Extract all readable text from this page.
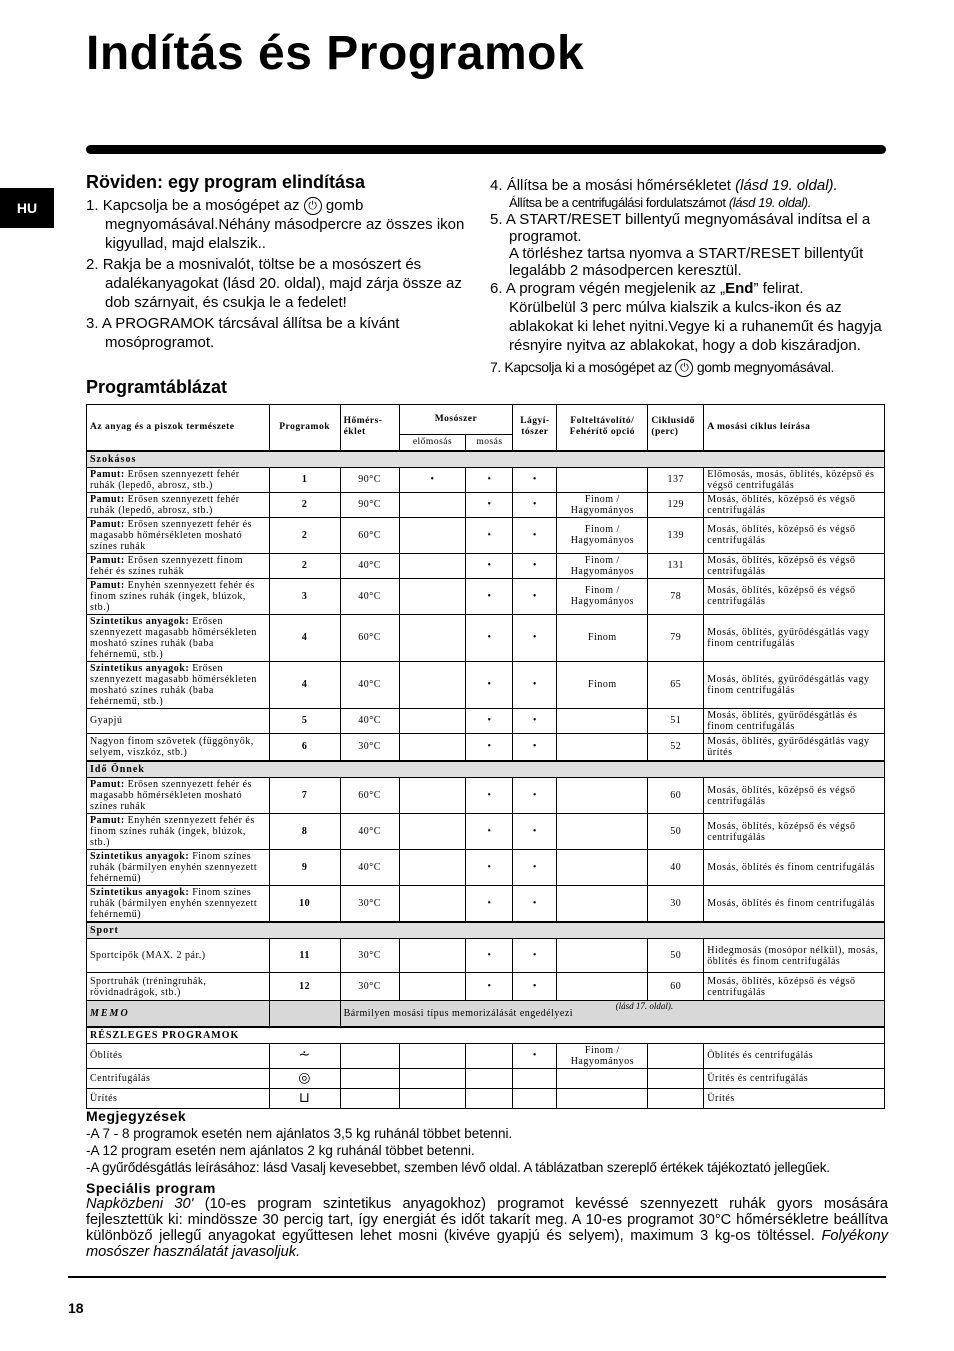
Indítás és Programok
HU
Röviden: egy program elindítása

1. Kapcsolja be a mosógépet az ⏻ gomb megnyomásával.Néhány másodpercre az összes ikon kigyullad, majd elalszik..

2. Rakja be a mosnivalót, töltse be a mosószert és adalékanyagokat (lásd 20. oldal), majd zárja össze az dob szárnyait, és csukja le a fedelet!

3. A PROGRAMOK tárcsával állítsa be a kívánt mosóprogramot.

4. Állítsa be a mosási hőmérsékletet (lásd 19. oldal).

Állítsa be a centrifugálási fordulatszámot (lásd 19. oldal).

5. A START/RESET billentyű megnyomásával indítsa el a programot.

A törléshez tartsa nyomva a START/RESET billentyűt legalább 2 másodpercen keresztül.

6. A program végén megjelenik az „End” felirat.

Körülbelül 3 perc múlva kialszik a kulcs-ikon és az ablakokat ki lehet nyitni.Vegye ki a ruhaneműt és hagyja résnyire nyitva az ablakokat, hogy a dob kiszáradjon.

7. Kapcsolja ki a mosógépet az ⏻ gomb megnyomásával.

Programtáblázat
Az anyag és a piszok természete	Programok	Hőmérs-éklet	Mosószer		Lágyí-tószer	Folteltávolító/ Fehérítő opció	Ciklusidő (perc)	A mosási ciklus leírása
			előmosás	mosás				
Szokásos								
Pamut: Erősen szennyezett fehér ruhák (lepedő, abrosz, stb.)	1	90°C	•	•	•		137	Előmosás, mosás, öblítés, középső és végső centrifugálás
Pamut: Erősen szennyezett fehér ruhák (lepedő, abrosz, stb.)	2	90°C		•	•	Finom / Hagyományos	129	Mosás, öblítés, középső és végső centrifugálás
Pamut: Erősen szennyezett fehér és magasabb hőmérsékleten mosható színes ruhák	2	60°C		•	•	Finom / Hagyományos	139	Mosás, öblítés, középső és végső centrifugálás
Pamut: Erősen szennyezett finom fehér és színes ruhák	2	40°C		•	•	Finom / Hagyományos	131	Mosás, öblítés, középső és végső centrifugálás
Pamut: Enyhén szennyezett fehér és finom színes ruhák (ingek, blúzok, stb.)	3	40°C		•	•	Finom / Hagyományos	78	Mosás, öblítés, középső és végső centrifugálás
Szintetikus anyagok: Erősen szennyezett magasabb hőmérsékleten mosható színes ruhák (baba fehérnemű, stb.)	4	60°C		•	•	Finom	79	Mosás, öblítés, gyűrődésgátlás vagy finom centrifugálás
Szintetikus anyagok: Erősen szennyezett magasabb hőmérsékleten mosható színes ruhák (baba fehérnemű, stb.)	4	40°C		•	•	Finom	65	Mosás, öblítés, gyűrődésgátlás vagy finom centrifugálás
Gyapjú	5	40°C		•	•		51	Mosás, öblítés, gyűrődésgátlás és finom centrifugálás
Nagyon finom szövetek (függönyök, selyem, viszkóz, stb.)	6	30°C		•	•		52	Mosás, öblítés, gyűrődésgátlás vagy ürítés
Idő Önnek								
Pamut: Erősen szennyezett fehér és magasabb hőmérsékleten mosható színes ruhák	7	60°C		•	•		60	Mosás, öblítés, középső és végső centrifugálás
Pamut: Enyhén szennyezett fehér és finom színes ruhák (ingek, blúzok, stb.)	8	40°C		•	•		50	Mosás, öblítés, középső és végső centrifugálás
Szintetikus anyagok: Finom színes ruhák (bármilyen enyhén szennyezett fehérnemű)	9	40°C		•	•		40	Mosás, öblítés és finom centrifugálás
Szintetikus anyagok: Finom színes ruhák (bármilyen enyhén szennyezett fehérnemű)	10	30°C		•	•		30	Mosás, öblítés és finom centrifugálás
Sport								
Sportcipők (MAX. 2 pár.)	11	30°C		•	•		50	Hidegmosás (mosópor nélkül), mosás, öblítés és finom centrifugálás
Sportruhák (tréningruhák, rövidnadrágok, stb.)	12	30°C		•	•		60	Mosás, öblítés, középső és végső centrifugálás
MEMO		Bármilyen mosási típus memorizálását engedélyezi
(lásd 17. oldal).						

RÉSZLEGES PROGRAMOK								
Öblítés	⩪				•	Finom / Hagyományos		Öblítés és centrifugálás
Centrifugálás	◎							Ürítés és centrifugálás
Ürítés	⊔							Ürítés
Megjegyzések

-A 7 - 8 programok esetén nem ajánlatos 3,5 kg ruhánál többet betenni.

-A 12 program esetén nem ajánlatos 2 kg ruhánál többet betenni.

-A gyűrődésgátlás leírásához: lásd Vasalj kevesebbet, szemben lévő oldal. A táblázatban szereplő értékek tájékoztató jellegűek.

Speciális program

Napközbeni 30' (10-es program szintetikus anyagokhoz) programot kevéssé szennyezett ruhák gyors mosására fejlesztettük ki: mindössze 30 percig tart, így energiát és időt takarít meg. A 10-es programot 30°C hőmérsékletre beállítva különböző jellegű anyagokat egyűttesen lehet mosni (kivéve gyapjú és selyem), maximum 3 kg-os töltéssel. Folyékony mosószer használatát javasoljuk.

18
